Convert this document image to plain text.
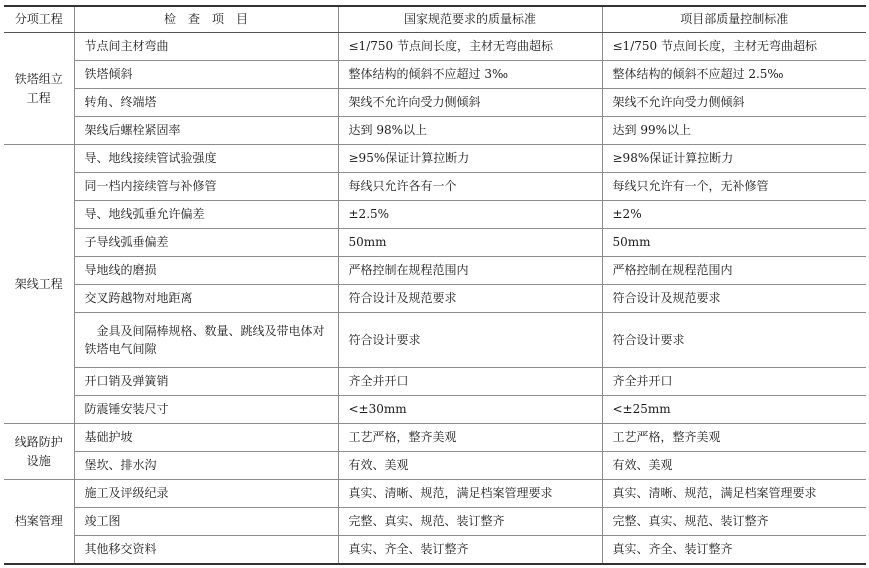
分项工程	检　查　项　目	国家规范要求的质量标准	项目部质量控制标准
铁塔组立工程	节点间主材弯曲	≤1/750 节点间长度，主材无弯曲超标	≤1/750 节点间长度，主材无弯曲超标
	铁塔倾斜	整体结构的倾斜不应超过 3‰	整体结构的倾斜不应超过 2.5‰
	转角、终端塔	架线不允许向受力侧倾斜	架线不允许向受力侧倾斜
	架线后螺栓紧固率	达到 98%以上	达到 99%以上
架线工程	导、地线接续管试验强度	≥95%保证计算拉断力	≥98%保证计算拉断力
	同一档内接续管与补修管	每线只允许各有一个	每线只允许有一个，无补修管
	导、地线弧垂允许偏差	±2.5%	±2%
	子导线弧垂偏差	50mm	50mm
	导地线的磨损	严格控制在规程范围内	严格控制在规程范围内
	交叉跨越物对地距离	符合设计及规范要求	符合设计及规范要求
	金具及间隔棒规格、数量、跳线及带电体对铁塔电气间隙	符合设计要求	符合设计要求
	开口销及弹簧销	齐全并开口	齐全并开口
	防震锤安装尺寸	<±30mm	<±25mm
线路防护设施	基础护坡	工艺严格，整齐美观	工艺严格，整齐美观
	堡坎、排水沟	有效、美观	有效、美观
档案管理	施工及评级纪录	真实、清晰、规范，满足档案管理要求	真实、清晰、规范，满足档案管理要求
	竣工图	完整、真实、规范、装订整齐	完整、真实、规范、装订整齐
	其他移交资料	真实、齐全、装订整齐	真实、齐全、装订整齐
